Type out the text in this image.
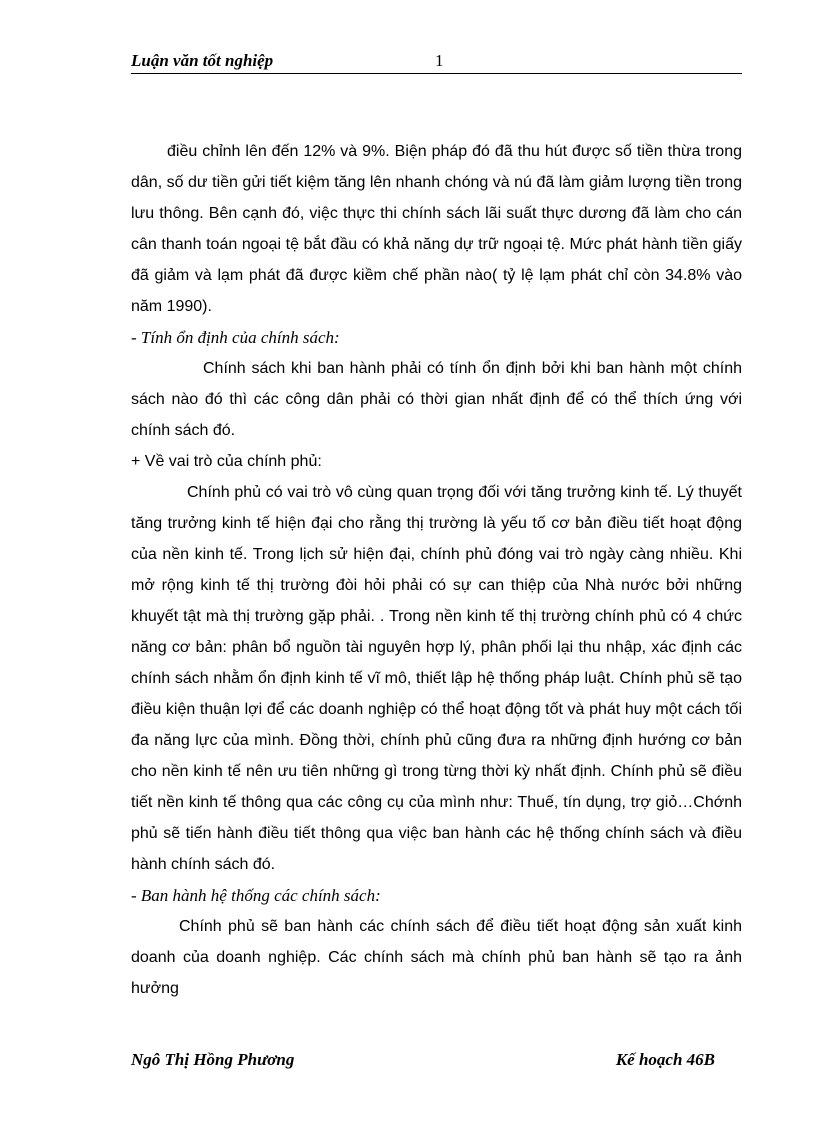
Luận văn tốt nghiệp	1

điều chỉnh lên đến 12% và 9%. Biện pháp đó đã thu hút được số tiền thừa trong dân, số dư tiền gửi tiết kiệm tăng lên nhanh chóng và nú đã làm giảm lượng tiền trong lưu thông. Bên cạnh đó, việc thực thi chính sách lãi suất thực dương đã làm cho cán cân thanh toán ngoại tệ bắt đầu có khả năng dự trữ ngoại tệ. Mức phát hành tiền giấy đã giảm và lạm phát đã được kiềm chế phần nào( tỷ lệ lạm phát chỉ còn 34.8% vào năm 1990).

- Tính ổn định của chính sách:

Chính sách khi ban hành phải có tính ổn định bởi khi ban hành một chính sách nào đó thì các công dân phải có thời gian nhất định để có thể thích ứng với chính sách đó.

+ Về vai trò của chính phủ:

Chính phủ có vai trò vô cùng quan trọng đối với tăng trưởng kinh tế. Lý thuyết tăng trưởng kinh tế hiện đại cho rằng thị trường là yếu tố cơ bản điều tiết hoạt động của nền kinh tế. Trong lịch sử hiện đại, chính phủ đóng vai trò ngày càng nhiều. Khi mở rộng kinh tế thị trường đòi hỏi phải có sự can thiệp của Nhà nước bởi những khuyết tật mà thị trường gặp phải. . Trong nền kinh tế thị trường chính phủ có 4 chức năng cơ bản: phân bổ nguồn tài nguyên hợp lý, phân phối lại thu nhập, xác định các chính sách nhằm ổn định kinh tế vĩ mô, thiết lập hệ thống pháp luật. Chính phủ sẽ tạo điều kiện thuận lợi để các doanh nghiệp có thể hoạt động tốt và phát huy một cách tối đa năng lực của mình. Đồng thời, chính phủ cũng đưa ra những định hướng cơ bản cho nền kinh tế nên ưu tiên những gì trong từng thời kỳ nhất định. Chính phủ sẽ điều tiết nền kinh tế thông qua các công cụ của mình như: Thuế, tín dụng, trợ giỏ…Chớnh phủ sẽ tiến hành điều tiết thông qua việc ban hành các hệ thống chính sách và điều hành chính sách đó.

- Ban hành hệ thống các chính sách:

Chính phủ sẽ ban hành các chính sách để điều tiết hoạt động sản xuất kinh doanh của doanh nghiệp. Các chính sách mà chính phủ ban hành sẽ tạo ra ảnh hưởng

Ngô Thị Hồng Phương	Kế hoạch 46B
